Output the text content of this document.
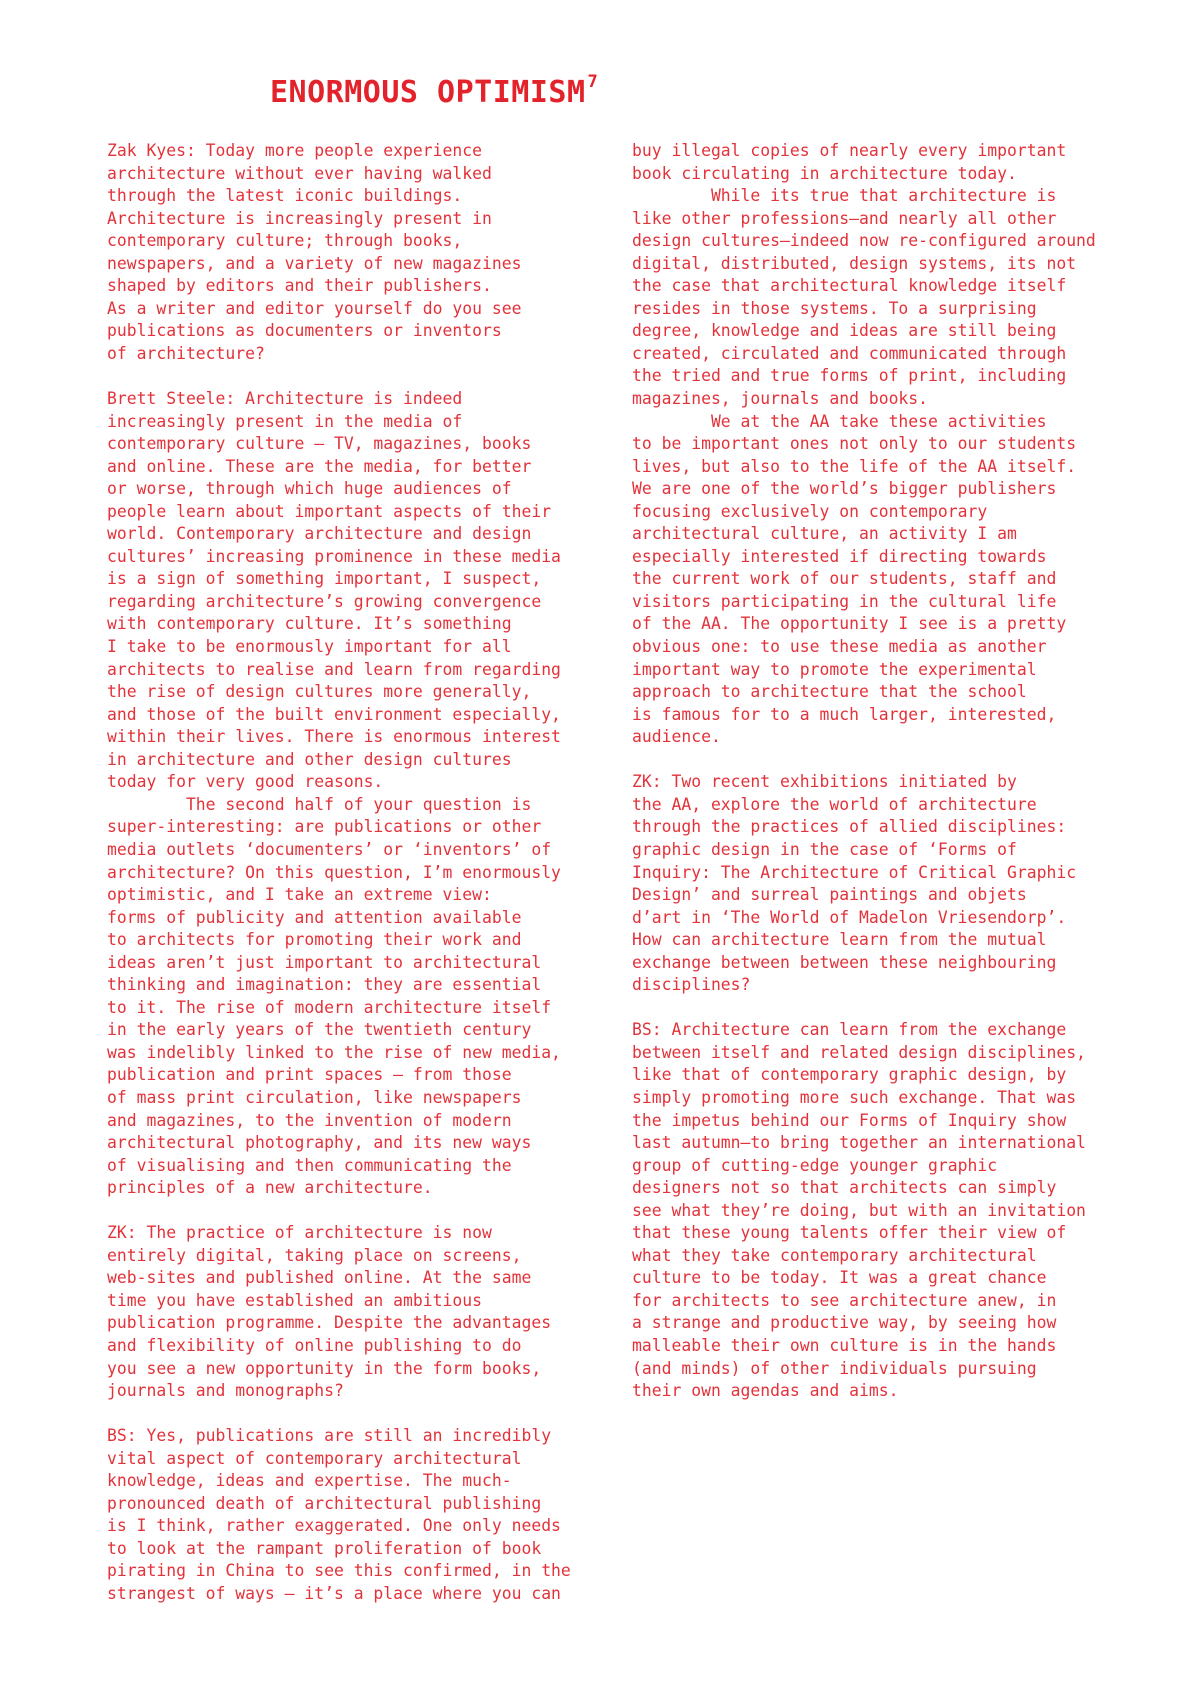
ENORMOUS OPTIMISM $^7$
Zak Kyes: Today more people experience
architecture without ever having walked
through the latest iconic buildings.
Architecture is increasingly present in
contemporary culture; through books,
newspapers, and a variety of new magazines
shaped by editors and their publishers.
As a writer and editor yourself do you see
publications as documenters or inventors
of architecture?
Brett Steele: Architecture is indeed
increasingly present in the media of
contemporary culture – TV, magazines, books
and online. These are the media, for better
or worse, through which huge audiences of
people learn about important aspects of their
world. Contemporary architecture and design
cultures’ increasing prominence in these media
is a sign of something important, I suspect,
regarding architecture’s growing convergence
with contemporary culture. It’s something
I take to be enormously important for all
architects to realise and learn from regarding
the rise of design cultures more generally,
and those of the built environment especially,
within their lives. There is enormous interest
in architecture and other design cultures
today for very good reasons.
The second half of your question is
super-interesting: are publications or other
media outlets ‘documenters’ or ‘inventors’ of
architecture? On this question, I’m enormously
optimistic, and I take an extreme view:
forms of publicity and attention available
to architects for promoting their work and
ideas aren’t just important to architectural
thinking and imagination: they are essential
to it. The rise of modern architecture itself
in the early years of the twentieth century
was indelibly linked to the rise of new media,
publication and print spaces – from those
of mass print circulation, like newspapers
and magazines, to the invention of modern
architectural photography, and its new ways
of visualising and then communicating the
principles of a new architecture.
ZK: The practice of architecture is now
entirely digital, taking place on screens,
web-sites and published online. At the same
time you have established an ambitious
publication programme. Despite the advantages
and flexibility of online publishing to do
you see a new opportunity in the form books,
journals and monographs?
BS: Yes, publications are still an incredibly
vital aspect of contemporary architectural
knowledge, ideas and expertise. The much-
pronounced death of architectural publishing
is I think, rather exaggerated. One only needs
to look at the rampant proliferation of book
pirating in China to see this confirmed, in the
strangest of ways – it’s a place where you can
buy illegal copies of nearly every important
book circulating in architecture today.
While its true that architecture is
like other professions—and nearly all other
design cultures—indeed now re-configured around
digital, distributed, design systems, its not
the case that architectural knowledge itself
resides in those systems. To a surprising
degree, knowledge and ideas are still being
created, circulated and communicated through
the tried and true forms of print, including
magazines, journals and books.
We at the AA take these activities
to be important ones not only to our students
lives, but also to the life of the AA itself.
We are one of the world’s bigger publishers
focusing exclusively on contemporary
architectural culture, an activity I am
especially interested if directing towards
the current work of our students, staff and
visitors participating in the cultural life
of the AA. The opportunity I see is a pretty
obvious one: to use these media as another
important way to promote the experimental
approach to architecture that the school
is famous for to a much larger, interested,
audience.
ZK: Two recent exhibitions initiated by
the AA, explore the world of architecture
through the practices of allied disciplines:
graphic design in the case of ‘Forms of
Inquiry: The Architecture of Critical Graphic
Design’ and surreal paintings and objets
d’art in ‘The World of Madelon Vriesendorp’.
How can architecture learn from the mutual
exchange between between these neighbouring
disciplines?
BS: Architecture can learn from the exchange
between itself and related design disciplines,
like that of contemporary graphic design, by
simply promoting more such exchange. That was
the impetus behind our Forms of Inquiry show
last autumn—to bring together an international
group of cutting-edge younger graphic
designers not so that architects can simply
see what they’re doing, but with an invitation
that these young talents offer their view of
what they take contemporary architectural
culture to be today. It was a great chance
for architects to see architecture anew, in
a strange and productive way, by seeing how
malleable their own culture is in the hands
(and minds) of other individuals pursuing
their own agendas and aims.
